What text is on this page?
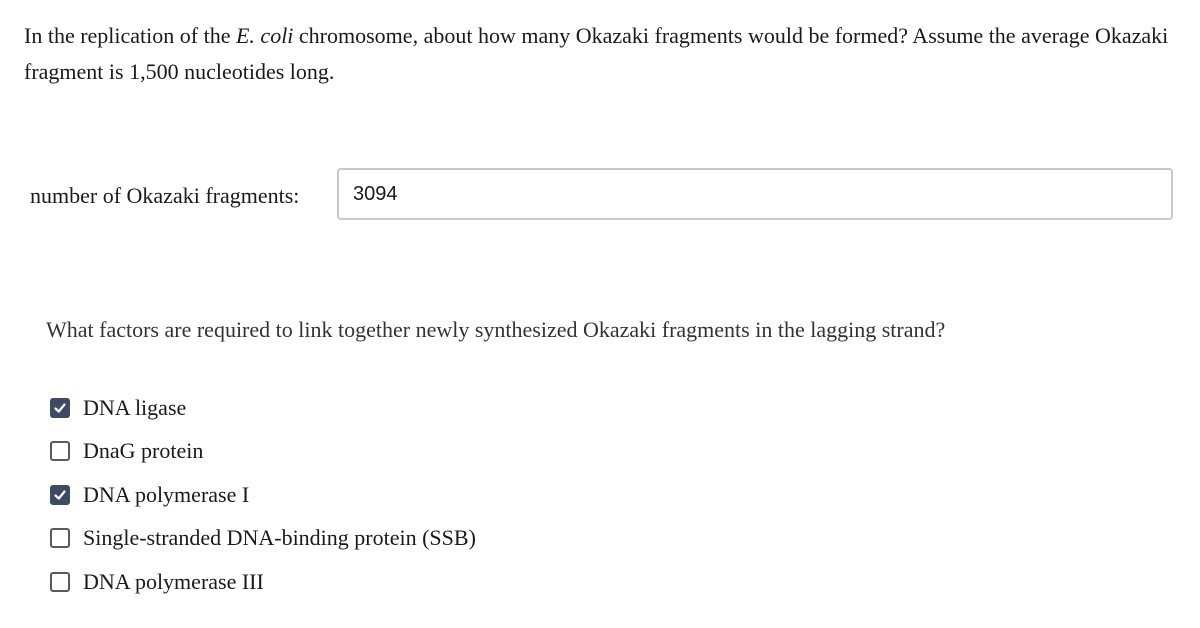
In the replication of the E. coli chromosome, about how many Okazaki fragments would be formed? Assume the average Okazaki fragment is 1,500 nucleotides long.
number of Okazaki fragments:
3094
What factors are required to link together newly synthesized Okazaki fragments in the lagging strand?
DNA ligase
DnaG protein
DNA polymerase I
Single-stranded DNA-binding protein (SSB)
DNA polymerase III
